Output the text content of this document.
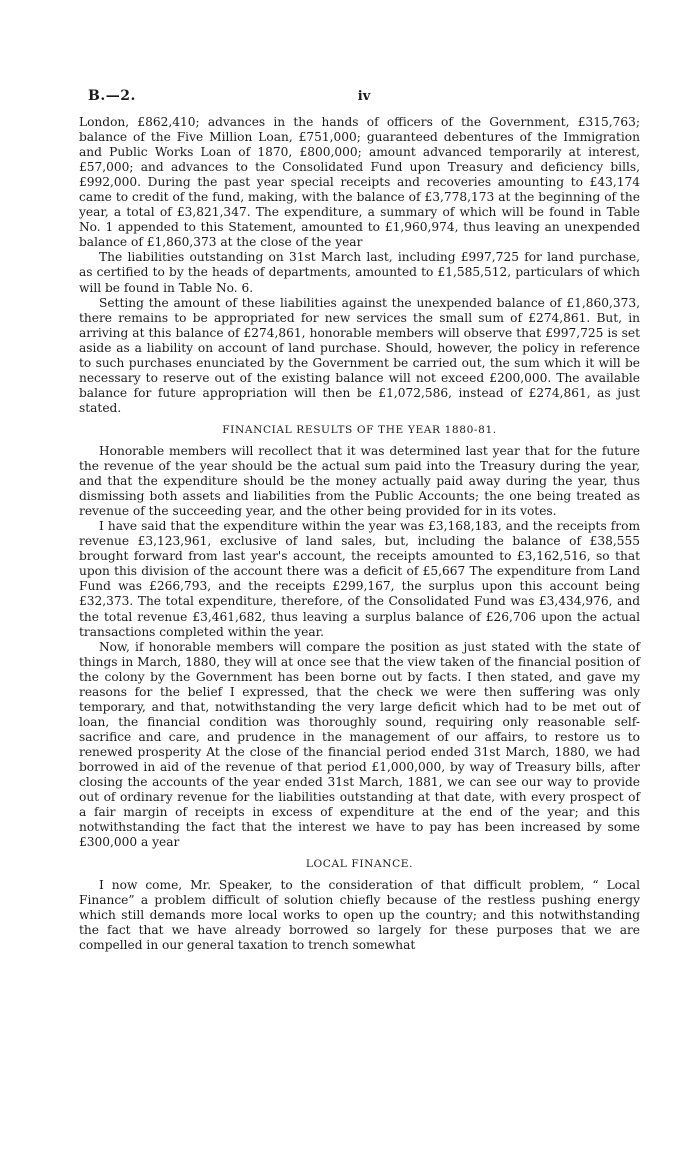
B.—2.	iv

London, £862,410; advances in the hands of officers of the Government, £315,763; balance of the Five Million Loan, £751,000; guaranteed debentures of the Immigration and Public Works Loan of 1870, £800,000; amount advanced temporarily at interest, £57,000; and advances to the Consolidated Fund upon Treasury and deficiency bills, £992,000. During the past year special receipts and recoveries amounting to £43,174 came to credit of the fund, making, with the balance of £3,778,173 at the beginning of the year, a total of £3,821,347. The expenditure, a summary of which will be found in Table No. 1 appended to this Statement, amounted to £1,960,974, thus leaving an unexpended balance of £1,860,373 at the close of the year

The liabilities outstanding on 31st March last, including £997,725 for land purchase, as certified to by the heads of departments, amounted to £1,585,512, particulars of which will be found in Table No. 6.

Setting the amount of these liabilities against the unexpended balance of £1,860,373, there remains to be appropriated for new services the small sum of £274,861. But, in arriving at this balance of £274,861, honorable members will observe that £997,725 is set aside as a liability on account of land purchase. Should, however, the policy in reference to such purchases enunciated by the Government be carried out, the sum which it will be necessary to reserve out of the existing balance will not exceed £200,000. The available balance for future appropriation will then be £1,072,586, instead of £274,861, as just stated.

FINANCIAL RESULTS OF THE YEAR 1880-81.

Honorable members will recollect that it was determined last year that for the future the revenue of the year should be the actual sum paid into the Treasury during the year, and that the expenditure should be the money actually paid away during the year, thus dismissing both assets and liabilities from the Public Accounts; the one being treated as revenue of the succeeding year, and the other being provided for in its votes.

I have said that the expenditure within the year was £3,168,183, and the receipts from revenue £3,123,961, exclusive of land sales, but, including the balance of £38,555 brought forward from last year's account, the receipts amounted to £3,162,516, so that upon this division of the account there was a deficit of £5,667 The expenditure from Land Fund was £266,793, and the receipts £299,167, the surplus upon this account being £32,373. The total expenditure, therefore, of the Consolidated Fund was £3,434,976, and the total revenue £3,461,682, thus leaving a surplus balance of £26,706 upon the actual transactions completed within the year.

Now, if honorable members will compare the position as just stated with the state of things in March, 1880, they will at once see that the view taken of the financial position of the colony by the Government has been borne out by facts. I then stated, and gave my reasons for the belief I expressed, that the check we were then suffering was only temporary, and that, notwithstanding the very large deficit which had to be met out of loan, the financial condition was thoroughly sound, requiring only reasonable self-sacrifice and care, and prudence in the management of our affairs, to restore us to renewed prosperity At the close of the financial period ended 31st March, 1880, we had borrowed in aid of the revenue of that period £1,000,000, by way of Treasury bills, after closing the accounts of the year ended 31st March, 1881, we can see our way to provide out of ordinary revenue for the liabilities outstanding at that date, with every prospect of a fair margin of receipts in excess of expenditure at the end of the year; and this notwithstanding the fact that the interest we have to pay has been increased by some £300,000 a year

LOCAL FINANCE.

I now come, Mr. Speaker, to the consideration of that difficult problem, “ Local Finance” a problem difficult of solution chiefly because of the restless pushing energy which still demands more local works to open up the country; and this notwithstanding the fact that we have already borrowed so largely for these purposes that we are compelled in our general taxation to trench somewhat
